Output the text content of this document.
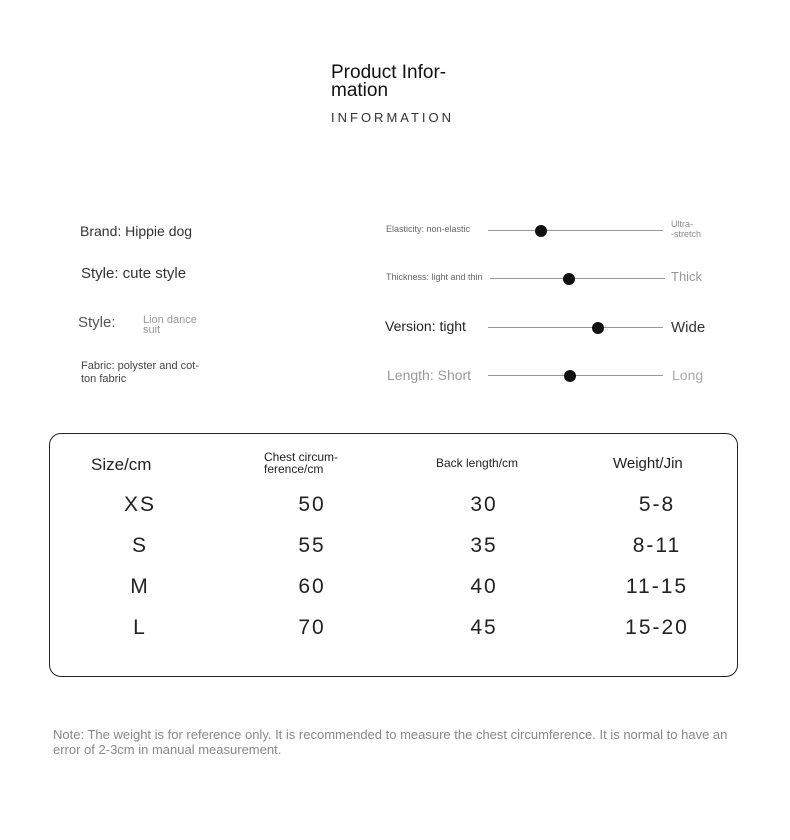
Product Infor-
mation
INFORMATION
Brand: Hippie dog
Style: cute style
Style: Lion dance
suit
Fabric: polyster and cot-
ton fabric
Elasticity: non-elastic	Ultra-
-stretch
Thickness: light and thin	Thick
Version: tight	Wide
Length: Short	Long
Size/cm	Chest circum-
ference/cm	Back length/cm	Weight/Jin
XS	50	30	5-8
S	55	35	8-11
M	60	40	11-15
L	70	45	15-20
Note: The weight is for reference only. It is recommended to measure the chest circumference. It is normal to have an error of 2-3cm in manual measurement.
